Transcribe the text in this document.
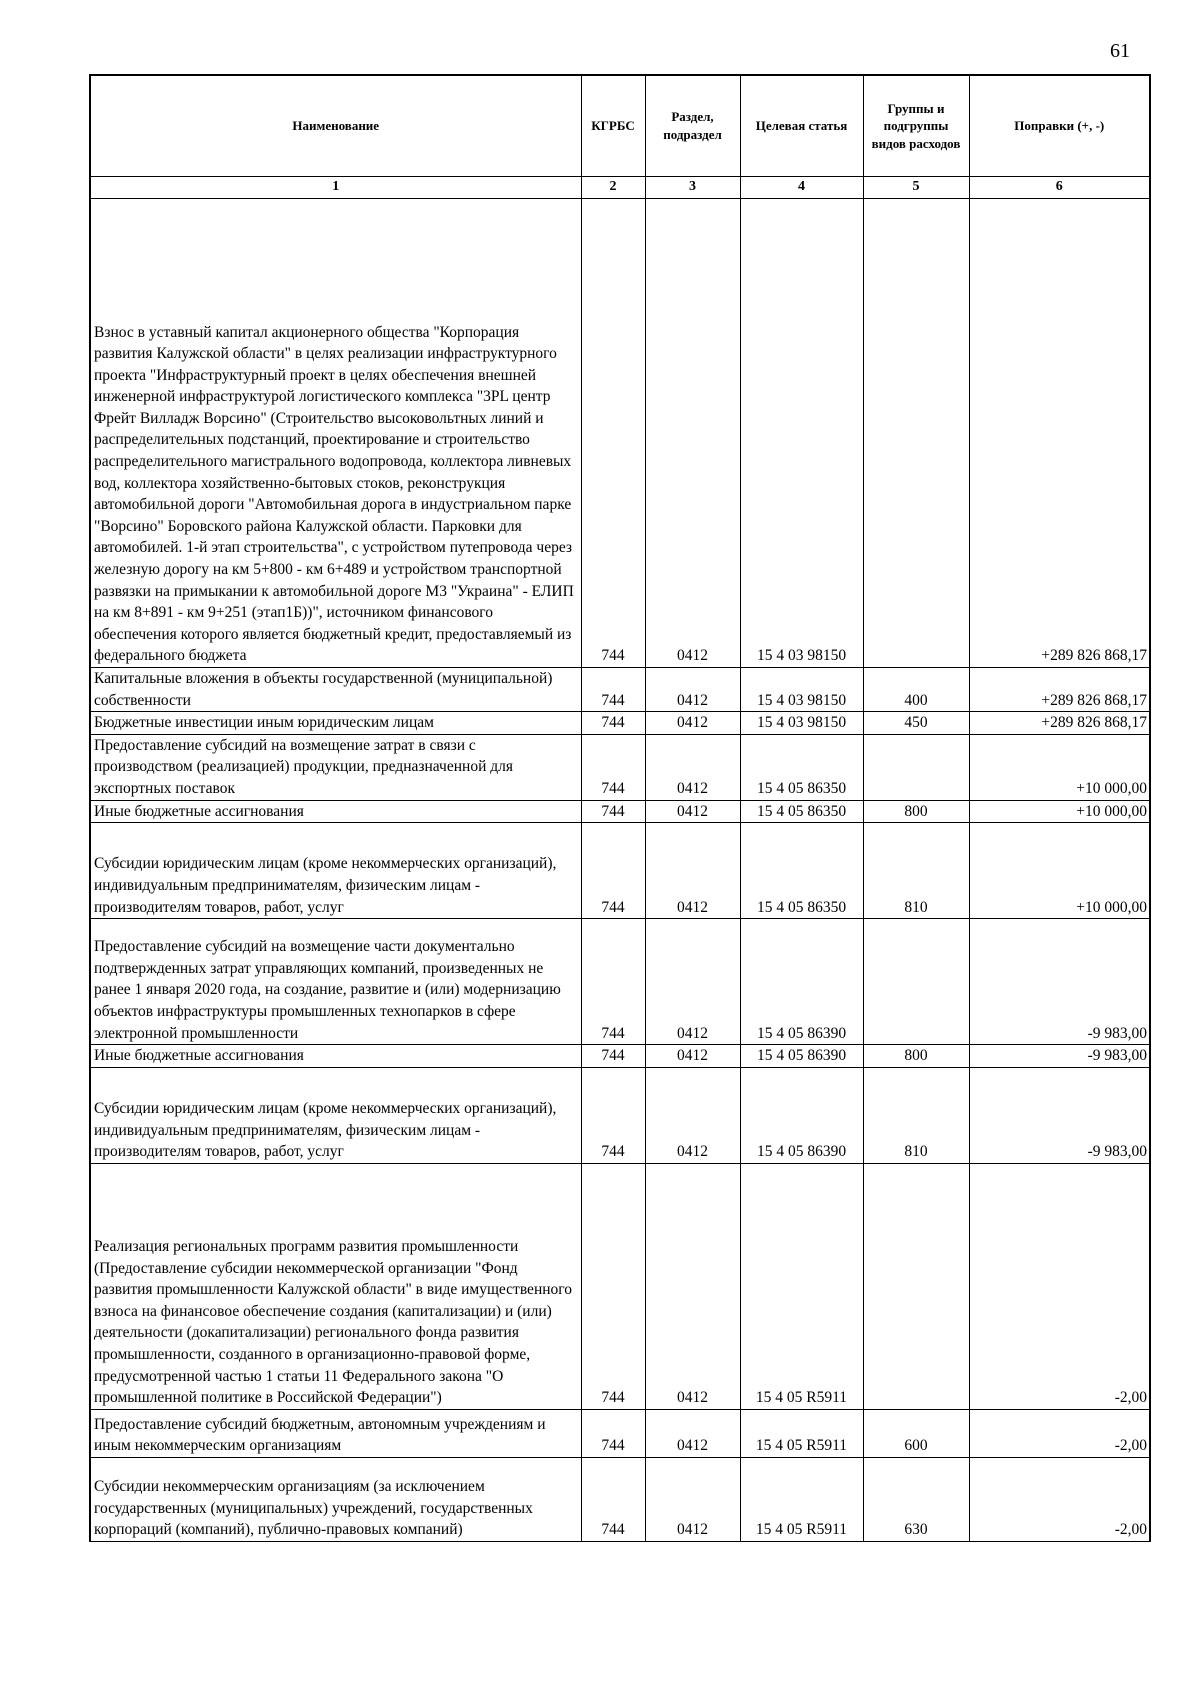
61
Наименование	КГРБС	Раздел, подраздел	Целевая статья	Группы и подгруппы видов расходов	Поправки (+, -)
1	2	3	4	5	6
Взнос в уставный капитал акционерного общества "Корпорация развития Калужской области" в целях реализации инфраструктурного проекта "Инфраструктурный проект в целях обеспечения внешней инженерной инфраструктурой логистического комплекса "3PL центр Фрейт Вилладж Ворсино" (Строительство высоковольтных линий и распределительных подстанций, проектирование и строительство распределительного магистрального водопровода, коллектора ливневых вод, коллектора хозяйственно-бытовых стоков, реконструкция автомобильной дороги "Автомобильная дорога в индустриальном парке "Ворсино" Боровского района Калужской области. Парковки для автомобилей. 1-й этап строительства", с устройством путепровода через железную дорогу на км 5+800 - км 6+489 и устройством транспортной развязки на примыкании к автомобильной дороге М3 "Украина" - ЕЛИП на км 8+891 - км 9+251 (этап1Б))", источником финансового обеспечения которого является бюджетный кредит, предоставляемый из федерального бюджета	744	0412	15 4 03 98150		+289 826 868,17
Капитальные вложения в объекты государственной (муниципальной) собственности	744	0412	15 4 03 98150	400	+289 826 868,17
Бюджетные инвестиции иным юридическим лицам	744	0412	15 4 03 98150	450	+289 826 868,17
Предоставление субсидий на возмещение затрат в связи с производством (реализацией) продукции, предназначенной для экспортных поставок	744	0412	15 4 05 86350		+10 000,00
Иные бюджетные ассигнования	744	0412	15 4 05 86350	800	+10 000,00
Субсидии юридическим лицам (кроме некоммерческих организаций), индивидуальным предпринимателям, физическим лицам - производителям товаров, работ, услуг	744	0412	15 4 05 86350	810	+10 000,00
Предоставление субсидий на возмещение части документально подтвержденных затрат управляющих компаний, произведенных не ранее 1 января 2020 года, на создание, развитие и (или) модернизацию объектов инфраструктуры промышленных технопарков в сфере электронной промышленности	744	0412	15 4 05 86390		-9 983,00
Иные бюджетные ассигнования	744	0412	15 4 05 86390	800	-9 983,00
Субсидии юридическим лицам (кроме некоммерческих организаций), индивидуальным предпринимателям, физическим лицам - производителям товаров, работ, услуг	744	0412	15 4 05 86390	810	-9 983,00
Реализация региональных программ развития промышленности (Предоставление субсидии некоммерческой организации "Фонд развития промышленности Калужской области" в виде имущественного взноса на финансовое обеспечение создания (капитализации) и (или) деятельности (докапитализации) регионального фонда развития промышленности, созданного в организационно-правовой форме, предусмотренной частью 1 статьи 11 Федерального закона "О промышленной политике в Российской Федерации")	744	0412	15 4 05 R5911		-2,00
Предоставление субсидий бюджетным, автономным учреждениям и иным некоммерческим организациям	744	0412	15 4 05 R5911	600	-2,00
Субсидии некоммерческим организациям (за исключением государственных (муниципальных) учреждений, государственных корпораций (компаний), публично-правовых компаний)	744	0412	15 4 05 R5911	630	-2,00
